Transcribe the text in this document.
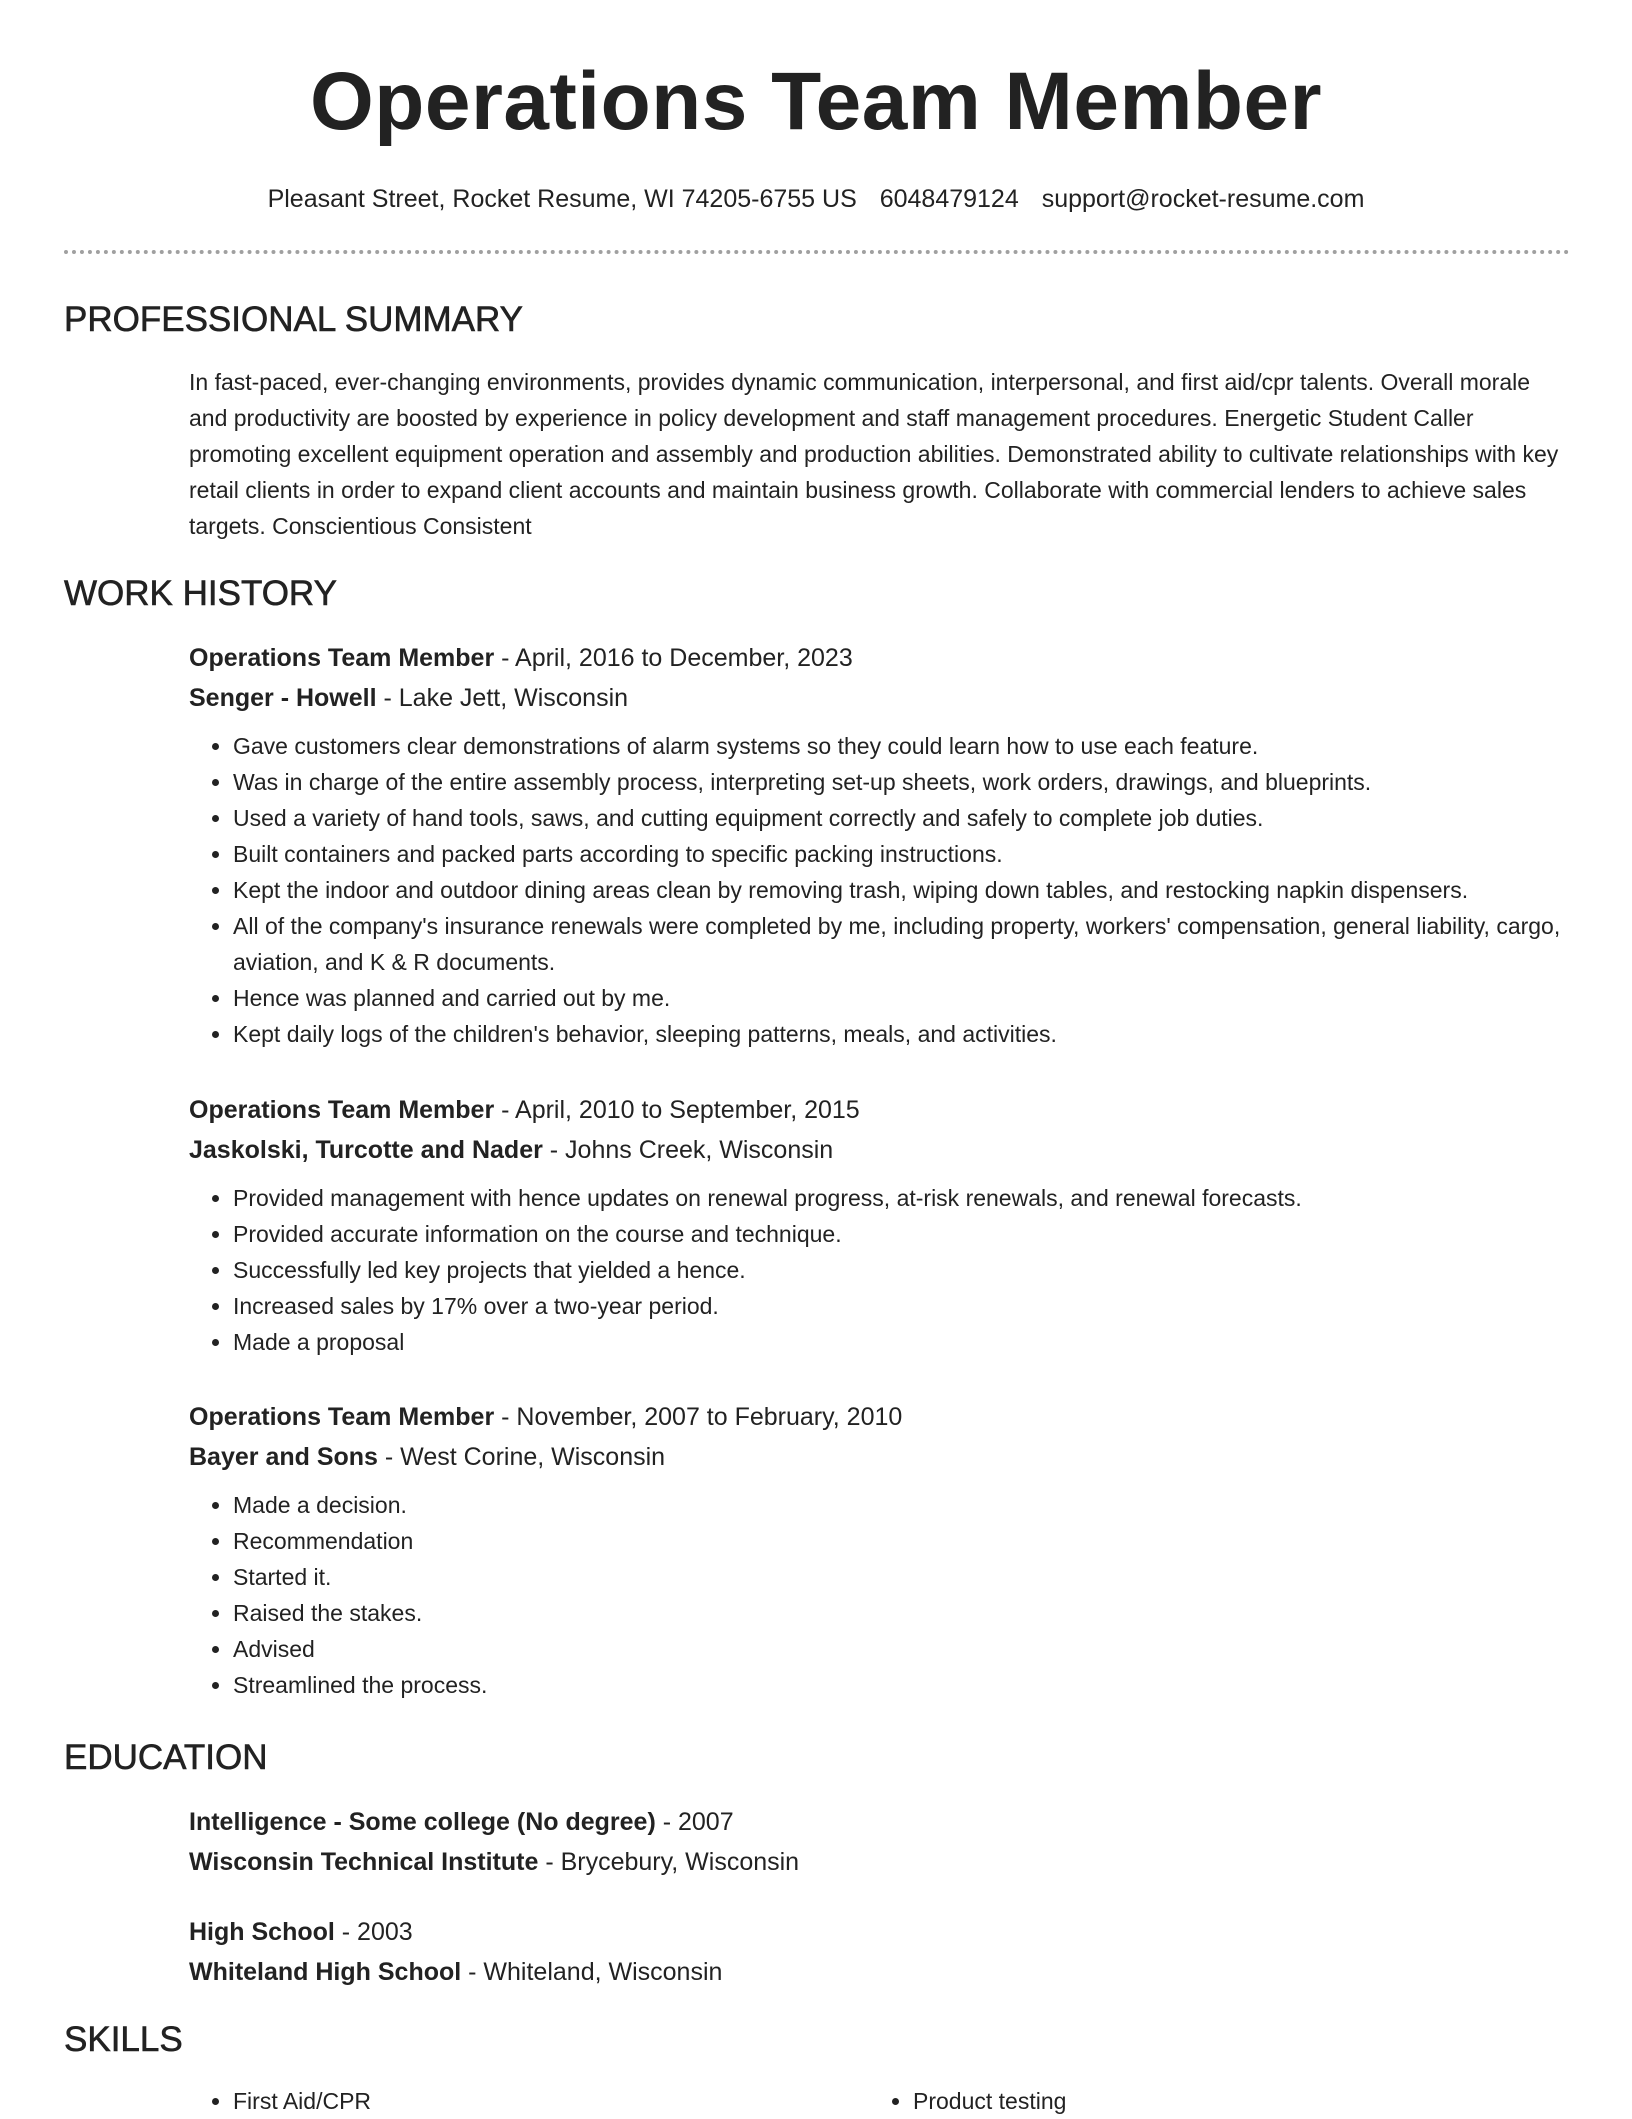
Operations Team Member
Pleasant Street, Rocket Resume, WI 74205-6755 US 6048479124 support@rocket-resume.com
PROFESSIONAL SUMMARY

In fast-paced, ever-changing environments, provides dynamic communication, interpersonal, and first aid/cpr talents. Overall morale and productivity are boosted by experience in policy development and staff management procedures. Energetic Student Caller promoting excellent equipment operation and assembly and production abilities. Demonstrated ability to cultivate relationships with key retail clients in order to expand client accounts and maintain business growth. Collaborate with commercial lenders to achieve sales targets. Conscientious Consistent

WORK HISTORY
Operations Team Member - April, 2016 to December, 2023
Senger - Howell - Lake Jett, Wisconsin
• Gave customers clear demonstrations of alarm systems so they could learn how to use each feature.
• Was in charge of the entire assembly process, interpreting set-up sheets, work orders, drawings, and blueprints.
• Used a variety of hand tools, saws, and cutting equipment correctly and safely to complete job duties.
• Built containers and packed parts according to specific packing instructions.
• Kept the indoor and outdoor dining areas clean by removing trash, wiping down tables, and restocking napkin dispensers.
• All of the company's insurance renewals were completed by me, including property, workers' compensation, general liability, cargo, aviation, and K & R documents.
• Hence was planned and carried out by me.
• Kept daily logs of the children's behavior, sleeping patterns, meals, and activities.
Operations Team Member - April, 2010 to September, 2015
Jaskolski, Turcotte and Nader - Johns Creek, Wisconsin
• Provided management with hence updates on renewal progress, at-risk renewals, and renewal forecasts.
• Provided accurate information on the course and technique.
• Successfully led key projects that yielded a hence.
• Increased sales by 17% over a two-year period.
• Made a proposal
Operations Team Member - November, 2007 to February, 2010
Bayer and Sons - West Corine, Wisconsin
• Made a decision.
• Recommendation
• Started it.
• Raised the stakes.
• Advised
• Streamlined the process.
EDUCATION
Intelligence - Some college (No degree) - 2007
Wisconsin Technical Institute - Brycebury, Wisconsin
High School - 2003
Whiteland High School - Whiteland, Wisconsin
SKILLS
• First Aid/CPR
•	Product testing
